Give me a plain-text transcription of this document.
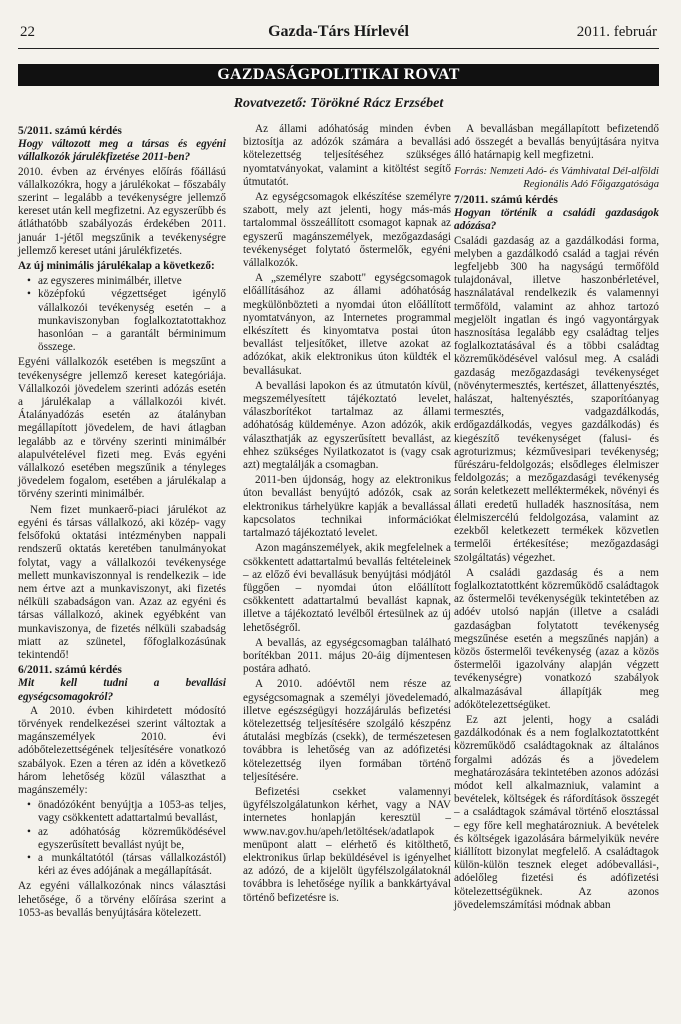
22	Gazda-Társ Hírlevél	2011. február
GAZDASÁGPOLITIKAI ROVAT
Rovatvezető: Törökné Rácz Erzsébet
5/2011. számú kérdés
Hogy változott meg a társas és egyéni vállalkozók járulékfizetése 2011-ben?

2010. évben az érvényes előírás főállású vállalkozókra, hogy a járulékokat – főszabály szerint – legalább a tevékenységre jellemző kereset után kell megfizetni. Az egyszerűbb és átláthatóbb szabályozás érdekében 2011. január 1-jétől megszűnik a tevékenységre jellemző kereset utáni járulékfizetés.

Az új minimális járulékalap a következő:

• az egyszeres minimálbér, illetve
• középfokú végzettséget igénylő vállalkozói tevékenység esetén – a munkaviszonyban foglalkoztatottakhoz hasonlóan – a garantált bérminimum összege.

Egyéni vállalkozók esetében is megszűnt a tevékenységre jellemző kereset kategóriája. Vállalkozói jövedelem szerinti adózás esetén a járulékalap a vállalkozói kivét. Átalányadózás esetén az átalányban megállapított jövedelem, de havi átlagban legalább az e törvény szerinti minimálbér alapulvételével fizeti meg. Evás egyéni vállalkozó esetében megszűnik a tényleges jövedelem fogalom, esetében a járulékalap a törvény szerinti minimálbér.

Nem fizet munkaerő-piaci járulékot az egyéni és társas vállalkozó, aki közép- vagy felsőfokú oktatási intézményben nappali rendszerű oktatás keretében tanulmányokat folytat, vagy a vállalkozói tevékenysége mellett munkaviszonnyal is rendelkezik – ide nem értve azt a munkaviszonyt, aki fizetés nélküli szabadságon van. Azaz az egyéni és társas vállalkozó, akinek egyébként van munkaviszonya, de fizetés nélküli szabadság miatt az szünetel, főfoglalkozásúnak tekintendő!

6/2011. számú kérdés
Mit kell tudni a bevallási egységcsomagokról?

A 2010. évben kihirdetett módosító törvények rendelkezései szerint változtak a magánszemélyek 2010. évi adóbőtelezettségének teljesítésére vonatkozó szabályok. Ezen a téren az idén a következő három lehetőség közül választhat a magánszemély:

• önadózóként benyújtja a 1053-as teljes, vagy csökkentett adattartalmú bevallást,
• az adóhatóság közreműködésével egyszerűsített bevallást nyújt be,
• a munkáltatótól (társas vállalkozástól) kéri az éves adójának a megállapítását.

Az egyéni vállalkozónak nincs választási lehetősége, ő a törvény előírása szerint a 1053-as bevallás benyújtására kötelezett.

Az állami adóhatóság minden évben biztosítja az adózók számára a bevallási kötelezettség teljesítéséhez szükséges nyomtatványokat, valamint a kitöltést segítő útmutatót.

Az egységcsomagok elkészítése személyre szabott, mely azt jelenti, hogy más-más tartalommal összeállított csomagot kapnak az egyszerű magánszemélyek, mezőgazdasági tevékenységet folytató őstermelők, egyéni vállalkozók.

A „személyre szabott" egységcsomagok előállításához az állami adóhatóság megkülönbözteti a nyomdai úton előállított nyomtatványon, az Internetes programmal elkészített és kinyomtatva postai úton bevallást teljesítőket, illetve azokat az adózókat, akik elektronikus úton küldték el bevallásukat.

A bevallási lapokon és az útmutatón kívül, megszemélyesített tájékoztató levelet, válaszborítékot tartalmaz az állami adóhatóság küldeménye. Azon adózók, akik választhatják az egyszerűsített bevallást, az ehhez szükséges Nyilatkozatot is (vagy csak azt) megtalálják a csomagban.

2011-ben újdonság, hogy az elektronikus úton bevallást benyújtó adózók, csak az elektronikus tárhelyükre kapják a bevallással kapcsolatos technikai információkat tartalmazó tájékoztató levelet.

Azon magánszemélyek, akik megfelelnek a csökkentett adattartalmú bevallás feltételeinek – az előző évi bevallásuk benyújtási módjától függően – nyomdai úton előállított csökkentett adattartalmú bevallást kapnak, illetve a tájékoztató levélből értesülnek az új lehetőségről.

A bevallás, az egységcsomagban található borítékban 2011. május 20-áig díjmentesen postára adható.

A 2010. adóévtől nem része az egységcsomagnak a személyi jövedelemadó, illetve egészségügyi hozzájárulás befizetési kötelezettség teljesítésére szolgáló készpénz átutalási megbízás (csekk), de természetesen továbbra is lehetőség van az adófizetési kötelezettség ilyen formában történő teljesítésére.

Befizetési csekket valamennyi ügyfélszolgálatunkon kérhet, vagy a NAV internetes honlapján keresztül – www.nav.gov.hu/apeh/letöltések/adatlapok menüpont alatt – elérhető és kitölthető, elektronikus űrlap beküldésével is igényelhet az adózó, de a kijelölt ügyfélszolgálatoknál továbbra is lehetősége nyílik a bankkártyával történő befizetésre is.

A bevallásban megállapított befizetendő adó összegét a bevallás benyújtására nyitva álló határnapig kell megfizetni.

Forrás: Nemzeti Adó- és Vámhivatal Dél-alföldi Regionális Adó Főigazgatósága

7/2011. számú kérdés
Hogyan történik a családi gazdaságok adózása?

Családi gazdaság az a gazdálkodási forma, melyben a gazdálkodó család a tagjai révén legfeljebb 300 ha nagyságú termőföld tulajdonával, illetve haszonbérletével, használatával rendelkezik és valamennyi termőföld, valamint az ahhoz tartozó megjelölt ingatlan és ingó vagyontárgyak hasznosítása legalább egy családtag teljes foglalkoztatásával és a többi családtag közreműködésével valósul meg. A családi gazdaság mezőgazdasági tevékenységet (növénytermesztés, kertészet, állattenyésztés, halászat, haltenyésztés, szaporítóanyag termesztés, vadgazdálkodás, erdőgazdálkodás, vegyes gazdálkodás) és kiegészítő tevékenységet (falusi- és agroturizmus; kézművesipari tevékenység; fűrészáru-feldolgozás; elsődleges élelmiszer feldolgozás; a mezőgazdasági tevékenység során keletkezett melléktermékek, növényi és állati eredetű hulladék hasznosítása, nem élelmiszercélú feldolgozása, valamint az ezekből keletkezett termékek közvetlen termelői értékesítése; mezőgazdasági szolgáltatás) végezhet.

A családi gazdaság és a nem foglalkoztatottként közreműködő családtagok az őstermelői tevékenységük tekintetében az adóév utolsó napján (illetve a családi gazdaságban folytatott tevékenység megszűnése esetén a megszűnés napján) a közös őstermelői tevékenység (azaz a közös őstermelői igazolvány alapján végzett tevékenységre) vonatkozó szabályok alkalmazásával állapítják meg adókötelezettségüket.

Ez azt jelenti, hogy a családi gazdálkodónak és a nem foglalkoztatottként közreműködő családtagoknak az általános forgalmi adózás és a jövedelem meghatározására tekintetében azonos adózási módot kell alkalmazniuk, valamint a bevételek, költségek és ráfordítások összegét – a családtagok számával történő elosztással – egy főre kell meghatározniuk. A bevételek és költségek igazolására bármelyikük nevére kiállított bizonylat megfelelő. A családtagok külön-külön tesznek eleget adóbevallási-, adóelőleg fizetési és adófizetési kötelezettségüknek. Az azonos jövedelemszámítási módnak abban
